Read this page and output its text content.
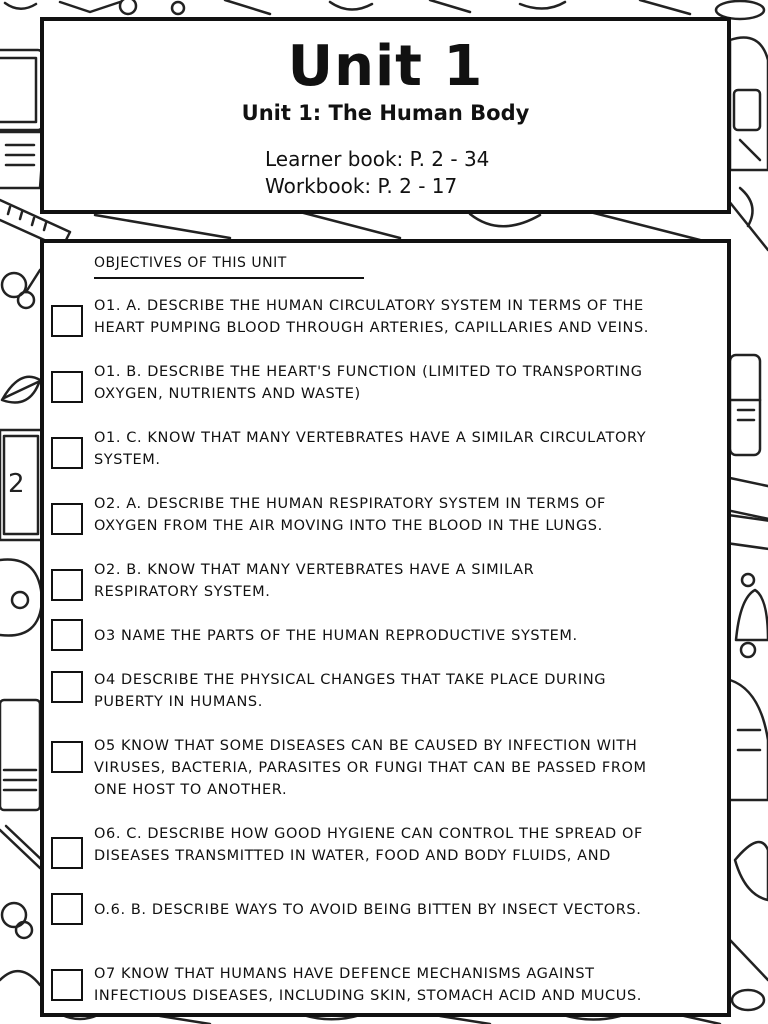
2
Unit 1
Unit 1: The Human Body
Learner book: P. 2 - 34
Workbook: P. 2 - 17
OBJECTIVES OF THIS UNIT
O1. A. DESCRIBE THE HUMAN CIRCULATORY SYSTEM IN TERMS OF THE
HEART PUMPING BLOOD THROUGH ARTERIES, CAPILLARIES AND VEINS.
O1. B. DESCRIBE THE HEART'S FUNCTION (LIMITED TO TRANSPORTING
OXYGEN, NUTRIENTS AND WASTE)
O1. C. KNOW THAT MANY VERTEBRATES HAVE A SIMILAR CIRCULATORY
SYSTEM.
O2. A. DESCRIBE THE HUMAN RESPIRATORY SYSTEM IN TERMS OF
OXYGEN FROM THE AIR MOVING INTO THE BLOOD IN THE LUNGS.
O2. B. KNOW THAT MANY VERTEBRATES HAVE A SIMILAR
RESPIRATORY SYSTEM.
O3 NAME THE PARTS OF THE HUMAN REPRODUCTIVE SYSTEM.
O4 DESCRIBE THE PHYSICAL CHANGES THAT TAKE PLACE DURING
PUBERTY IN HUMANS.
O5 KNOW THAT SOME DISEASES CAN BE CAUSED BY INFECTION WITH
VIRUSES, BACTERIA, PARASITES OR FUNGI THAT CAN BE PASSED FROM
ONE HOST TO ANOTHER.
O6. C. DESCRIBE HOW GOOD HYGIENE CAN CONTROL THE SPREAD OF
DISEASES TRANSMITTED IN WATER, FOOD AND BODY FLUIDS, AND
O.6. B. DESCRIBE WAYS TO AVOID BEING BITTEN BY INSECT VECTORS.
O7 KNOW THAT HUMANS HAVE DEFENCE MECHANISMS AGAINST
INFECTIOUS DISEASES, INCLUDING SKIN, STOMACH ACID AND MUCUS.
